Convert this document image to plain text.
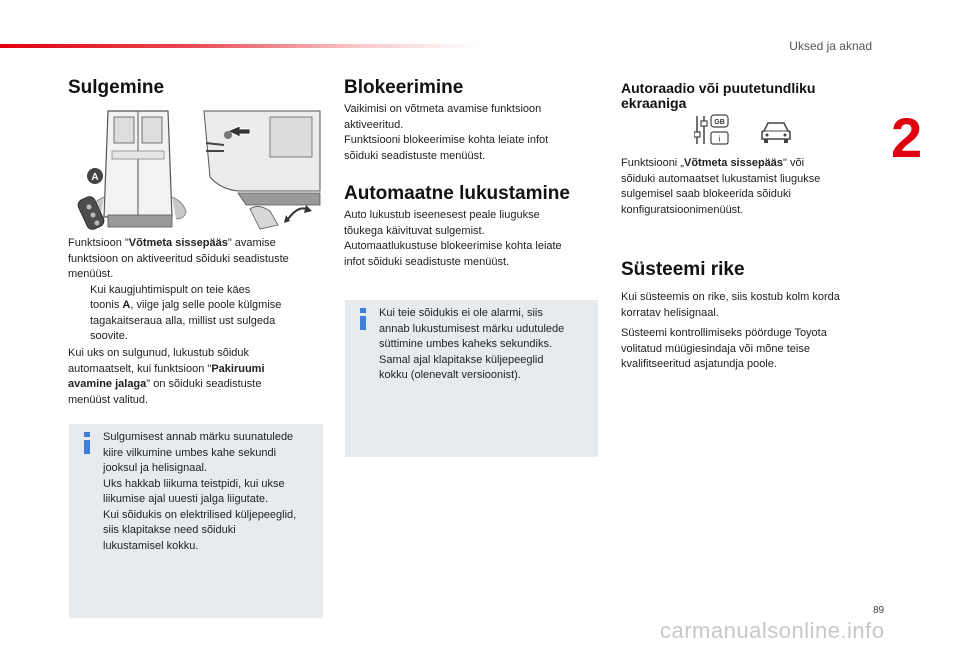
Uksed ja aknad
2
Sulgemine
A
Funktsioon "Võtmeta sissepääs" avamise
funktsioon on aktiveeritud sõiduki seadistuste
menüüst.
Kui kaugjuhtimispult on teie käes
toonis A, viige jalg selle poole külgmise
tagakaitseraua alla, millist ust sulgeda
soovite.
Kui uks on sulgunud, lukustub sõiduk
automaatselt, kui funktsioon "Pakiruumi
avamine jalaga" on sõiduki seadistuste
menüüst valitud.
Sulgumisest annab märku suunatulede
kiire vilkumine umbes kahe sekundi
jooksul ja helisignaal.
Uks hakkab liikuma teistpidi, kui ukse
liikumise ajal uuesti jalga liigutate.
Kui sõidukis on elektrilised küljepeeglid,
siis klapitakse need sõiduki
lukustamisel kokku.
Blokeerimine
Vaikimisi on võtmeta avamise funktsioon
aktiveeritud.
Funktsiooni blokeerimise kohta leiate infot
sõiduki seadistuste menüüst.
Automaatne lukustamine
Auto lukustub iseenesest peale liugukse
tõukega käivituvat sulgemist.
Automaatlukustuse blokeerimise kohta leiate
infot sõiduki seadistuste menüüst.
Kui teie sõidukis ei ole alarmi, siis
annab lukustumisest märku udutulede
süttimine umbes kaheks sekundiks.
Samal ajal klapitakse küljepeeglid
kokku (olenevalt versioonist).
Autoraadio või puutetundliku
ekraaniga
GB
i
Funktsiooni „Võtmeta sissepääs" või
sõiduki automaatset lukustamist liugukse
sulgemisel saab blokeerida sõiduki
konfiguratsioonimenüüst.
Süsteemi rike
Kui süsteemis on rike, siis kostub kolm korda
korratav helisignaal.
Süsteemi kontrollimiseks pöörduge Toyota
volitatud müügiesindaja või mõne teise
kvalifitseeritud asjatundja poole.
89
carmanualsonline.info
